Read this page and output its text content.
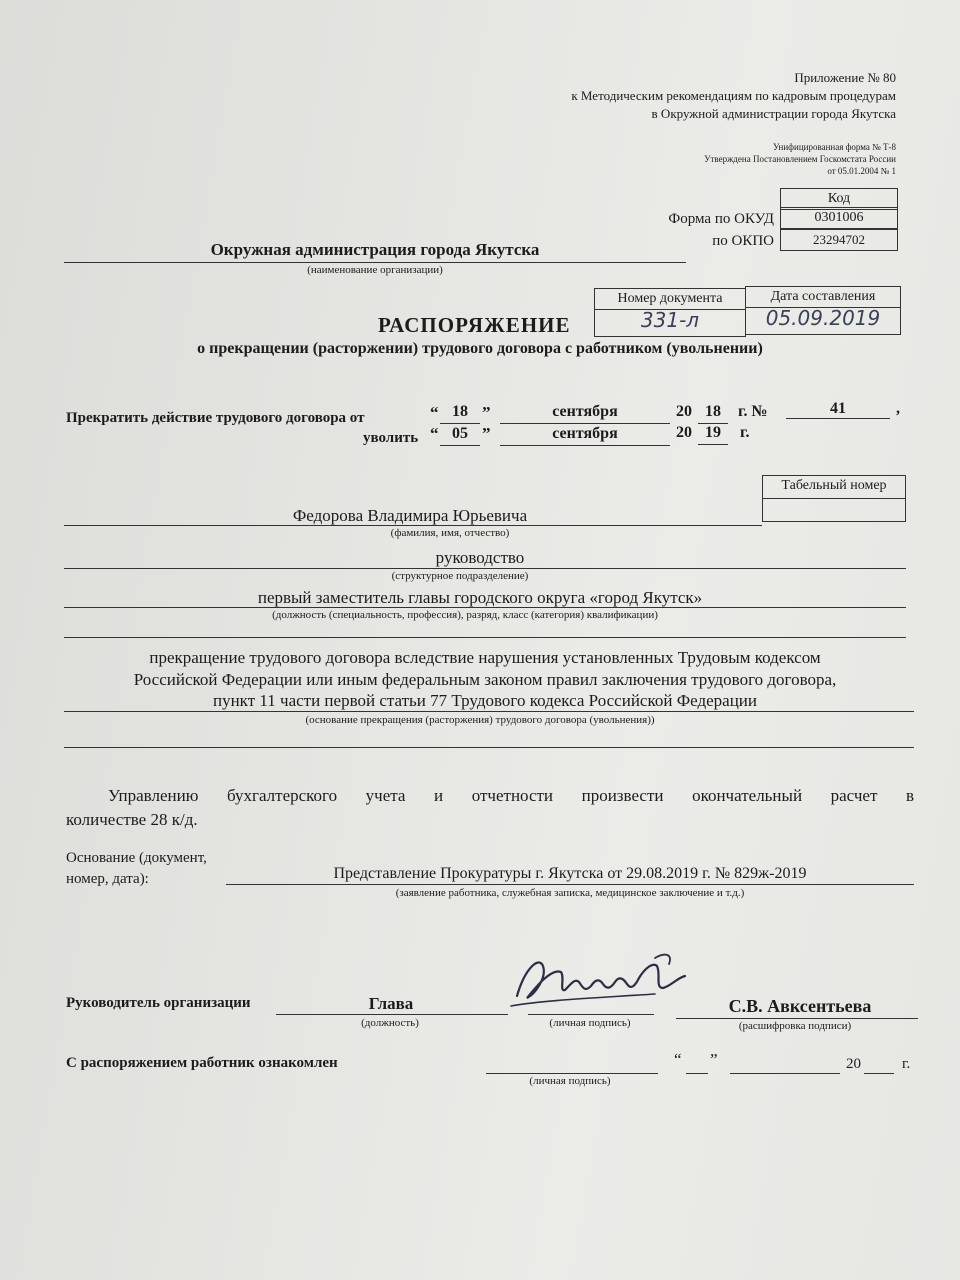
Приложение № 80
к Методическим рекомендациям по кадровым процедурам
в Окружной администрации города Якутска
Унифицированная форма № Т-8
Утверждена Постановлением Госкомстата России
от 05.01.2004 № 1
Код
0301006
23294702
Форма по ОКУД
по ОКПО
Окружная администрация города Якутска
(наименование организации)
Номер документа	Дата составления
331-л	05.09.2019
РАСПОРЯЖЕНИЕ
о прекращении (расторжении) трудового договора с работником (увольнении)
Прекратить действие трудового договора от	“ 18 ”	сентября	20 18	г. №	41	,
уволить “ 05 ”	сентября	20 19	г.
Табельный номер
Федорова Владимира Юрьевича
(фамилия, имя, отчество)
руководство
(структурное подразделение)
первый заместитель главы городского округа «город Якутск»
(должность (специальность, профессия), разряд, класс (категория) квалификации)
прекращение трудового договора вследствие нарушения установленных Трудовым кодексом
Российской Федерации или иным федеральным законом правил заключения трудового договора,
пункт 11 части первой статьи 77 Трудового кодекса Российской Федерации
(основание прекращения (расторжения) трудового договора (увольнения))
Управлению бухгалтерского учета и отчетности произвести окончательный расчет в
количестве 28 к/д.
Основание (документ,
номер, дата):	Представление Прокуратуры г. Якутска от 29.08.2019 г. № 829ж-2019
(заявление работника, служебная записка, медицинское заключение и т.д.)
Руководитель организации	Глава
(должность)	(личная подпись)
С.В. Авксентьева
(расшифровка подписи)
С распоряжением работник ознакомлен
(личная подпись)
“ ”	20	г.
